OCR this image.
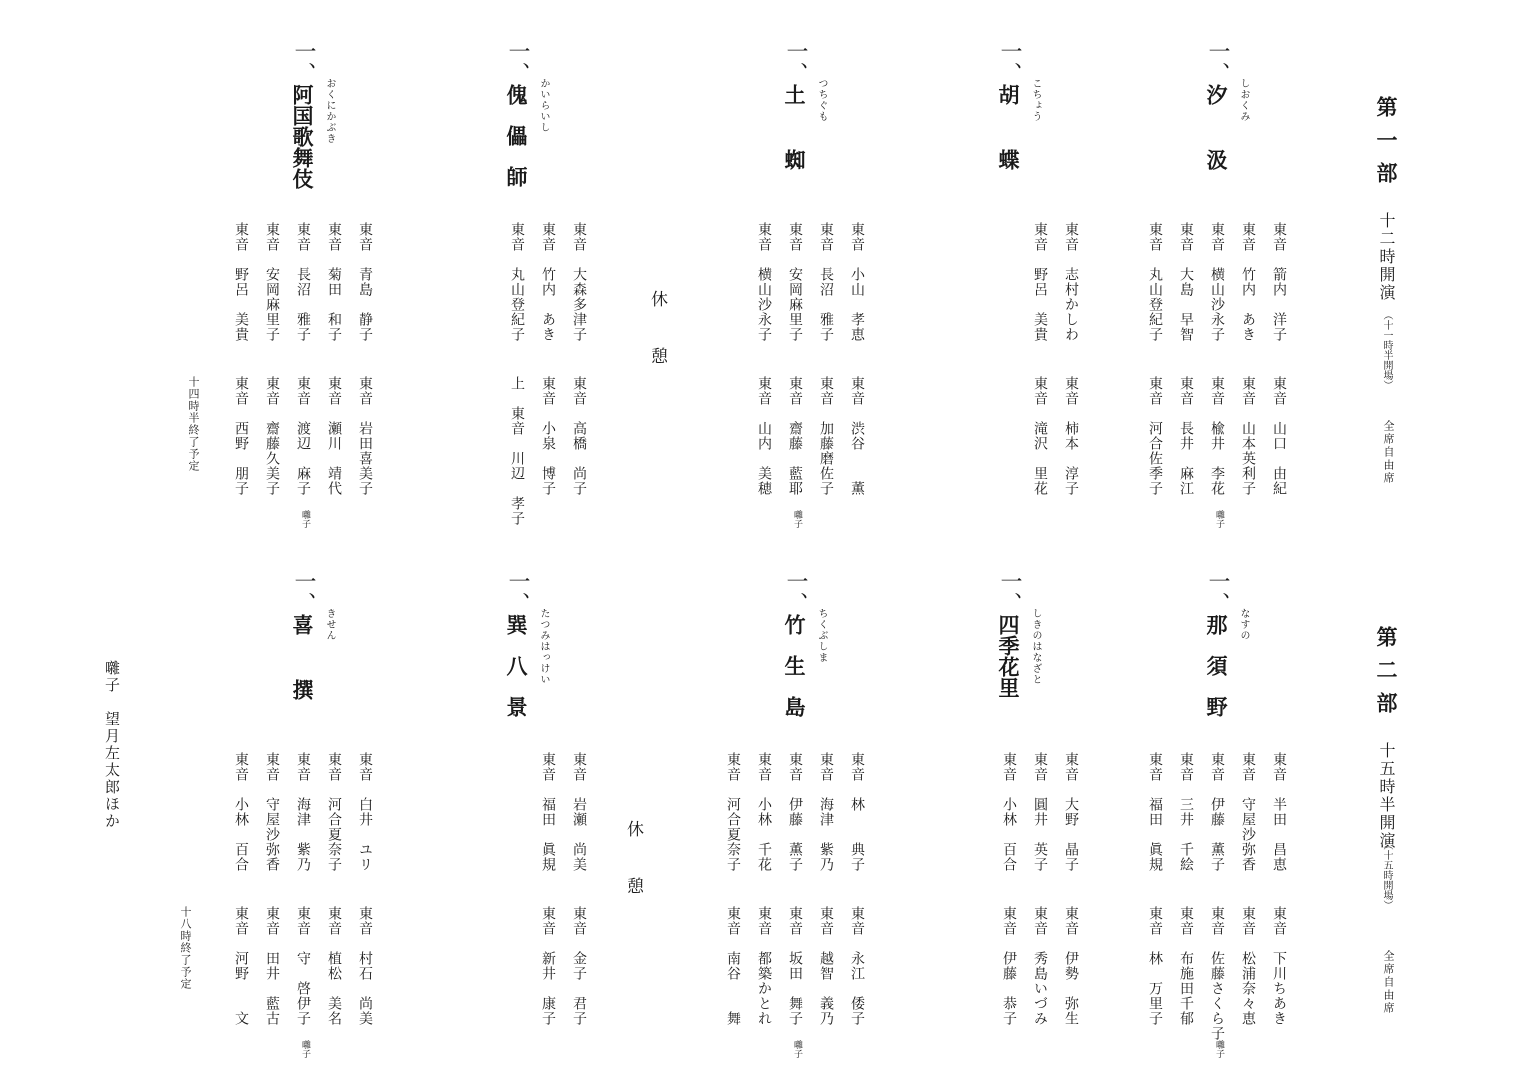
第一部
十二時開演
（十一時半開場）
全席自由席
一、
汐汲 しおくみ
東音　箭内　洋子
東音　竹内　あき
東音　横山沙永子
東音　大島　早智
東音　丸山登紀子
東音　山口　由紀
東音　山本英利子
東音　楡井　李花
東音　長井　麻江
東音　河合佐季子
囃子
一、
胡蝶 こちょう
東音　志村かしわ
東音　野呂　美貴
東音　柿本　淳子
東音　滝沢　里花
一、
土蜘 つちぐも
東音　小山　孝恵
東音　長沼　雅子
東音　安岡麻里子
東音　横山沙永子
東音　渋谷　　薫
東音　加藤磨佐子
東音　齋藤　藍耶
東音　山内　美穂
囃子
一、
傀儡師 かいらいし
東音　大森多津子
東音　竹内　あき
東音　丸山登紀子
東音　高橋　尚子
東音　小泉　博子
上　東音　川辺　孝子
一、
阿国歌舞伎 おくにかぶき
東音　青島　静子
東音　菊田　和子
東音　長沼　雅子
東音　安岡麻里子
東音　野呂　美貴
東音　岩田喜美子
東音　瀬川　靖代
東音　渡辺　麻子
東音　齋藤久美子
東音　西野　朋子
囃子
休憩
十四時半終了予定
第二部
十五時半開演
（十五時開場）
全席自由席
一、
那須野 なすの
東音　半田　昌恵
東音　守屋沙弥香
東音　伊藤　薫子
東音　三井　千絵
東音　福田　眞規
東音　下川ちあき
東音　松浦奈々恵
東音　佐藤さくら子
東音　布施田千郁
東音　林　万里子
囃子
一、
四季花里 しきのはなざと
東音　大野　晶子
東音　圓井　英子
東音　小林　百合
東音　伊勢　弥生
東音　秀島いづみ
東音　伊藤　恭子
一、
竹生島 ちくぶしま
東音　林　　典子
東音　海津　紫乃
東音　伊藤　薫子
東音　小林　千花
東音　河合夏奈子
東音　永江　倭子
東音　越智　義乃
東音　坂田　舞子
東音　都築かとれ
東音　南谷　　舞
囃子
一、
巽八景 たつみはっけい
東音　岩瀬　尚美
東音　福田　眞規
東音　金子　君子
東音　新井　康子
一、
喜撰 きせん
東音　白井　ユリ
東音　河合夏奈子
東音　海津　紫乃
東音　守屋沙弥香
東音　小林　百合
東音　村石　尚美
東音　植松　美名
東音　守　啓伊子
東音　田井　藍古
東音　河野　　文
囃子
休憩
十八時終了予定
囃子　望月左太郎ほか
